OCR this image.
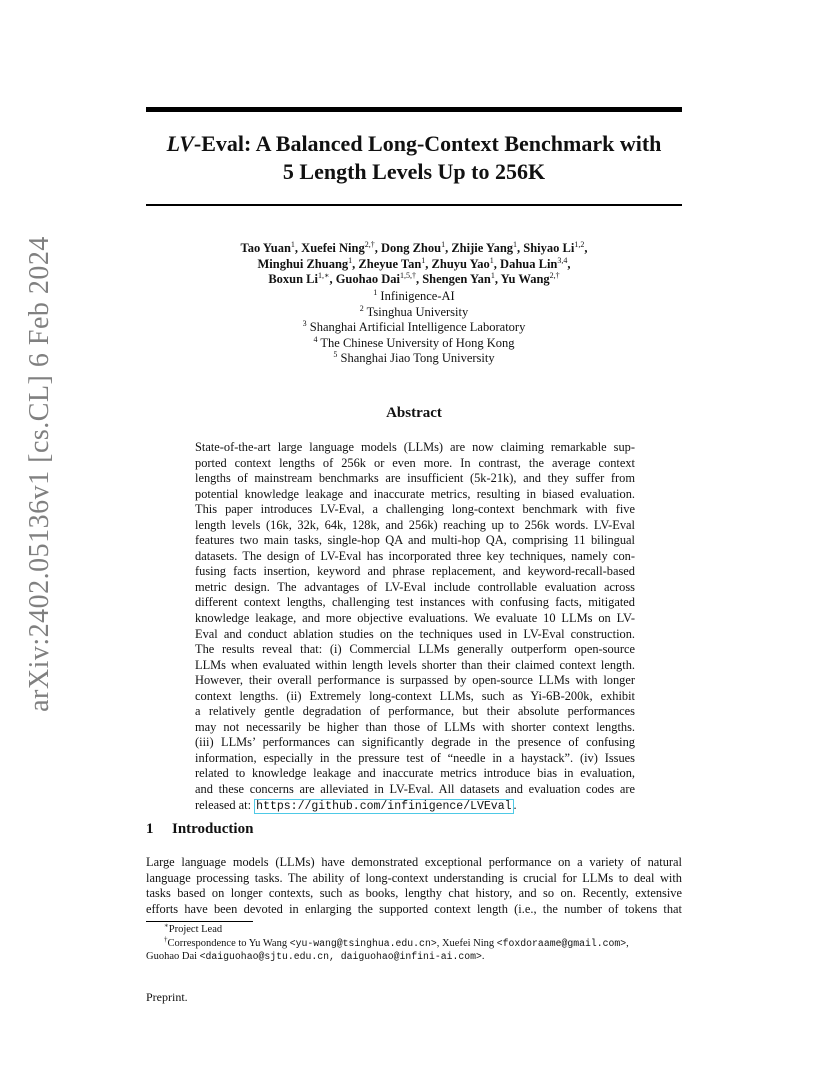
arXiv:2402.05136v1 [cs.CL] 6 Feb 2024
LV-Eval: A Balanced Long-Context Benchmark with
5 Length Levels Up to 256K
Tao Yuan$^1$, Xuefei Ning$^{2,\dagger}$, Dong Zhou$^1$, Zhijie Yang$^1$, Shiyao Li$^{1,2}$,
Minghui Zhuang$^1$, Zheyue Tan$^1$, Zhuyu Yao$^1$, Dahua Lin$^{3,4}$,
Boxun $Li^{1,∗}$, Guohao Dai$^{1,5,\dagger}$, Shengen Yan$^1$, Yu Wang$^{2,\dagger}$
$^1$ Infinigence-AI
$^2$ Tsinghua University
$^3$ Shanghai Artificial Intelligence Laboratory
$^4$ The Chinese University of Hong Kong
$^5$ Shanghai Jiao Tong University
Abstract
State-of-the-art large language models (LLMs) are now claiming remarkable sup-
ported context lengths of 256k or even more. In contrast, the average context
lengths of mainstream benchmarks are insufficient (5k-21k), and they suffer from
potential knowledge leakage and inaccurate metrics, resulting in biased evaluation.
This paper introduces LV-Eval, a challenging long-context benchmark with five
length levels (16k, 32k, 64k, 128k, and 256k) reaching up to 256k words. LV-Eval
features two main tasks, single-hop QA and multi-hop QA, comprising 11 bilingual
datasets. The design of LV-Eval has incorporated three key techniques, namely con-
fusing facts insertion, keyword and phrase replacement, and keyword-recall-based
metric design. The advantages of LV-Eval include controllable evaluation across
different context lengths, challenging test instances with confusing facts, mitigated
knowledge leakage, and more objective evaluations. We evaluate 10 LLMs on LV-
Eval and conduct ablation studies on the techniques used in LV-Eval construction.
The results reveal that: (i) Commercial LLMs generally outperform open-source
LLMs when evaluated within length levels shorter than their claimed context length.
However, their overall performance is surpassed by open-source LLMs with longer
context lengths. (ii) Extremely long-context LLMs, such as Yi-6B-200k, exhibit
a relatively gentle degradation of performance, but their absolute performances
may not necessarily be higher than those of LLMs with shorter context lengths.
(iii) LLMs’ performances can significantly degrade in the presence of confusing
information, especially in the pressure test of “needle in a haystack”. (iv) Issues
related to knowledge leakage and inaccurate metrics introduce bias in evaluation,
and these concerns are alleviated in LV-Eval. All datasets and evaluation codes are
released at: https://github.com/infinigence/LVEval .
1 Introduction
Large language models (LLMs) have demonstrated exceptional performance on a variety of natural
language processing tasks. The ability of long-context understanding is crucial for LLMs to deal with
tasks based on longer contexts, such as books, lengthy chat history, and so on. Recently, extensive
efforts have been devoted in enlarging the supported context length (i.e., the number of tokens that
∗Project Lead
†Correspondence to Yu Wang <yu-wang@tsinghua.edu.cn>, Xuefei Ning <foxdoraame@gmail.com>,
Guohao Dai <daiguohao@sjtu.edu.cn, daiguohao@infini-ai.com>.
Preprint.
